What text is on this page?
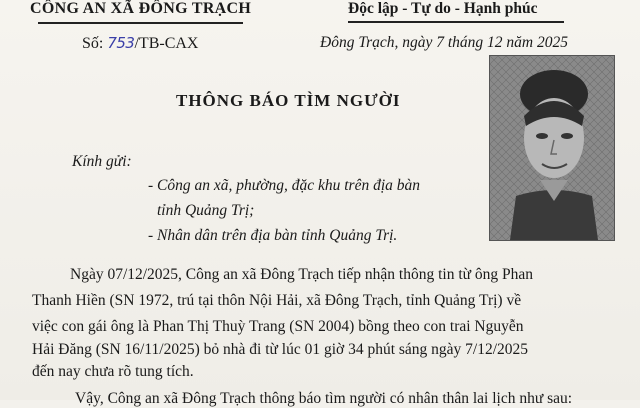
CÔNG AN XÃ ĐÔNG TRẠCH	Độc lập - Tự do - Hạnh phúc
Số: 753/TB-CAX	Đông Trạch, ngày 7 tháng 12 năm 2025
THÔNG BÁO TÌM NGƯỜI
Kính gửi:
- Công an xã, phường, đặc khu trên địa bàn
tỉnh Quảng Trị;
- Nhân dân trên địa bàn tỉnh Quảng Trị.
Ngày 07/12/2025, Công an xã Đông Trạch tiếp nhận thông tin từ ông Phan
Thanh Hiền (SN 1972, trú tại thôn Nội Hải, xã Đông Trạch, tỉnh Quảng Trị) về
việc con gái ông là Phan Thị Thuỳ Trang (SN 2004) bồng theo con trai Nguyễn
Hải Đăng (SN 16/11/2025) bỏ nhà đi từ lúc 01 giờ 34 phút sáng ngày 7/12/2025
đến nay chưa rõ tung tích.
Vậy, Công an xã Đông Trạch thông báo tìm người có nhân thân lai lịch như sau:
